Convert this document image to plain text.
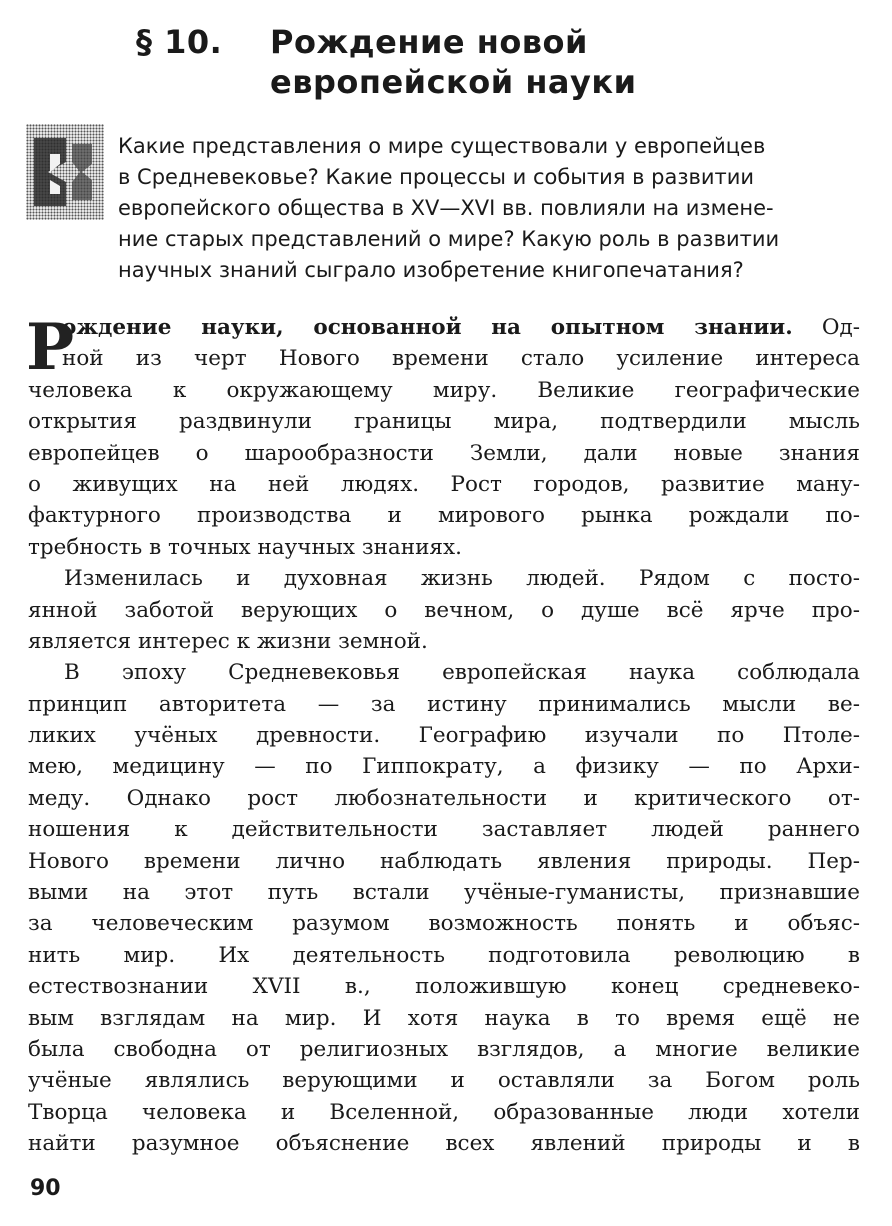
§ 10. Рождение новой
европейской науки
Какие представления о мире существовали у европейцев
в Средневековье? Какие процессы и события в развитии
европейского общества в XV—XVI вв. повлияли на измене-
ние старых представлений о мире? Какую роль в развитии
научных знаний сыграло изобретение книгопечатания?
Р
ождение науки, основанной на опытном знании. Од-
ной из черт Нового времени стало усиление интереса
человека к окружающему миру. Великие географические
открытия раздвинули границы мира, подтвердили мысль
европейцев о шарообразности Земли, дали новые знания
о живущих на ней людях. Рост городов, развитие ману-
фактурного производства и мирового рынка рождали по-
требность в точных научных знаниях.
Изменилась и духовная жизнь людей. Рядом с посто-
янной заботой верующих о вечном, о душе всё ярче про-
является интерес к жизни земной.
В эпоху Средневековья европейская наука соблюдала
принцип авторитета — за истину принимались мысли ве-
ликих учёных древности. Географию изучали по Птоле-
мею, медицину — по Гиппократу, а физику — по Архи-
меду. Однако рост любознательности и критического от-
ношения к действительности заставляет людей раннего
Нового времени лично наблюдать явления природы. Пер-
выми на этот путь встали учёные-гуманисты, признавшие
за человеческим разумом возможность понять и объяс-
нить мир. Их деятельность подготовила революцию в
естествознании XVII в., положившую конец средневеко-
вым взглядам на мир. И хотя наука в то время ещё не
была свободна от религиозных взглядов, а многие великие
учёные являлись верующими и оставляли за Богом роль
Творца человека и Вселенной, образованные люди хотели
найти разумное объяснение всех явлений природы и в
90
